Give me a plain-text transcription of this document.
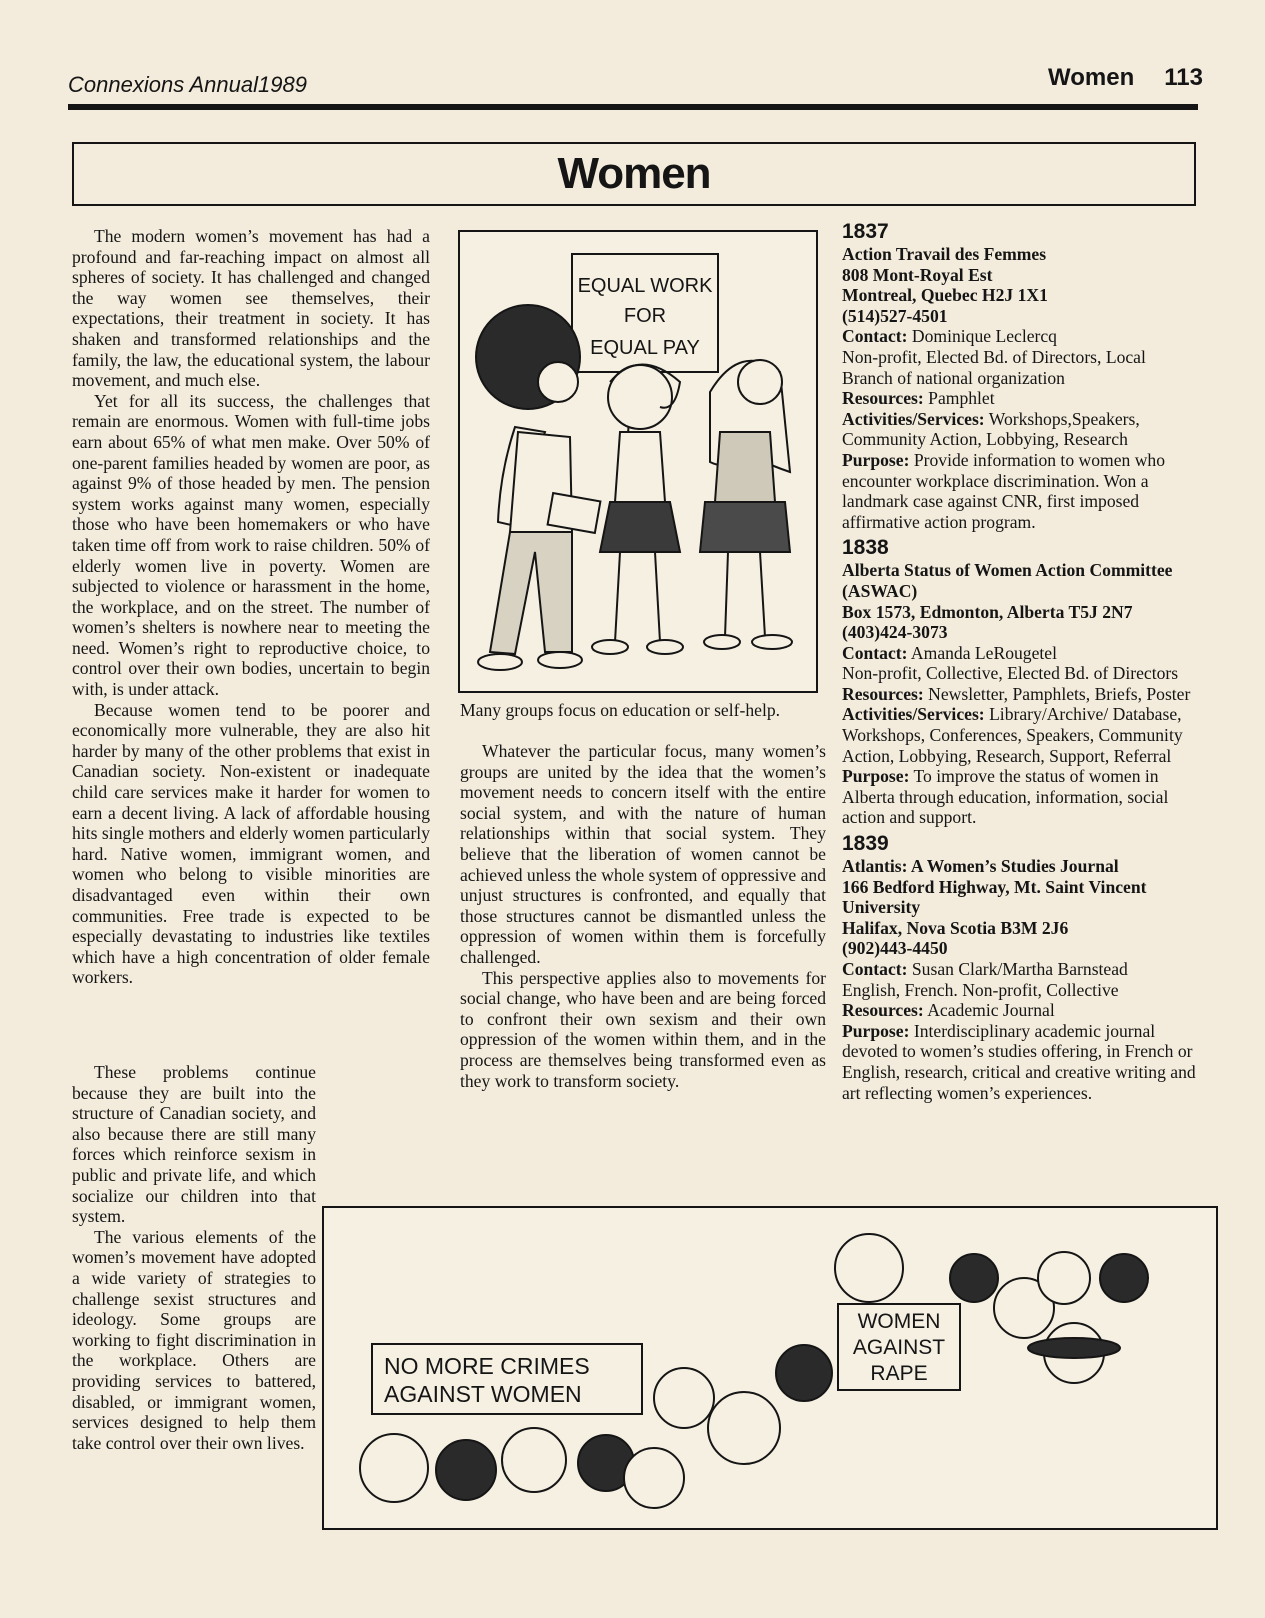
Connexions Annual1989	Women 113
Women

The modern women’s movement has had a profound and far-reaching impact on almost all spheres of society. It has challenged and changed the way women see themselves, their expectations, their treatment in society. It has shaken and transformed relationships and the family, the law, the educational system, the labour movement, and much else.

Yet for all its success, the challenges that remain are enormous. Women with full-time jobs earn about 65% of what men make. Over 50% of one-parent families headed by women are poor, as against 9% of those headed by men. The pension system works against many women, especially those who have been homemakers or who have taken time off from work to raise children. 50% of elderly women live in poverty. Women are subjected to violence or harassment in the home, the workplace, and on the street. The number of women’s shelters is nowhere near to meeting the need. Women’s right to reproductive choice, to control over their own bodies, uncertain to begin with, is under attack.

Because women tend to be poorer and economically more vulnerable, they are also hit harder by many of the other problems that exist in Canadian society. Non-existent or inadequate child care services make it harder for women to earn a decent living. A lack of affordable housing hits single mothers and elderly women particularly hard. Native women, immigrant women, and women who belong to visible minorities are disadvantaged even within their own communities. Free trade is expected to be especially devastating to industries like textiles which have a high concentration of older female workers.

These problems continue because they are built into the structure of Canadian society, and also because there are still many forces which reinforce sexism in public and private life, and which socialize our children into that system.

The various elements of the women’s movement have adopted a wide variety of strategies to challenge sexist structures and ideology. Some groups are working to fight discrimination in the workplace. Others are providing services to battered, disabled, or immigrant women, services designed to help them take control over their own lives.

EQUAL WORK
FOR
EQUAL PAY
Many groups focus on education or self-help.

Whatever the particular focus, many women’s groups are united by the idea that the women’s movement needs to concern itself with the entire social system, and with the nature of human relationships within that social system. They believe that the liberation of women cannot be achieved unless the whole system of oppressive and unjust structures is confronted, and equally that those structures cannot be dismantled unless the oppression of women within them is forcefully challenged.

This perspective applies also to movements for social change, who have been and are being forced to confront their own sexism and their own oppression of the women within them, and in the process are themselves being transformed even as they work to transform society.

1837
Action Travail des Femmes
808 Mont-Royal Est
Montreal, Quebec H2J 1X1
(514)527-4501
Contact: Dominique Leclercq
Non-profit, Elected Bd. of Directors, Local Branch of national organization
Resources: Pamphlet
Activities/Services: Workshops,Speakers, Community Action, Lobbying, Research
Purpose: Provide information to women who encounter workplace discrimination. Won a landmark case against CNR, first imposed affirmative action program.
1838
Alberta Status of Women Action Committee (ASWAC)
Box 1573, Edmonton, Alberta T5J 2N7
(403)424-3073
Contact: Amanda LeRougetel
Non-profit, Collective, Elected Bd. of Directors
Resources: Newsletter, Pamphlets, Briefs, Poster
Activities/Services: Library/Archive/ Database, Workshops, Conferences, Speakers, Community Action, Lobbying, Research, Support, Referral
Purpose: To improve the status of women in Alberta through education, information, social action and support.
1839
Atlantis: A Women’s Studies Journal
166 Bedford Highway, Mt. Saint Vincent University
Halifax, Nova Scotia B3M 2J6
(902)443-4450
Contact: Susan Clark/Martha Barnstead
English, French. Non-profit, Collective
Resources: Academic Journal
Purpose: Interdisciplinary academic journal devoted to women’s studies offering, in French or English, research, critical and creative writing and art reflecting women’s experiences.
NO MORE CRIMES
AGAINST WOMEN
WOMEN
AGAINST
RAPE
